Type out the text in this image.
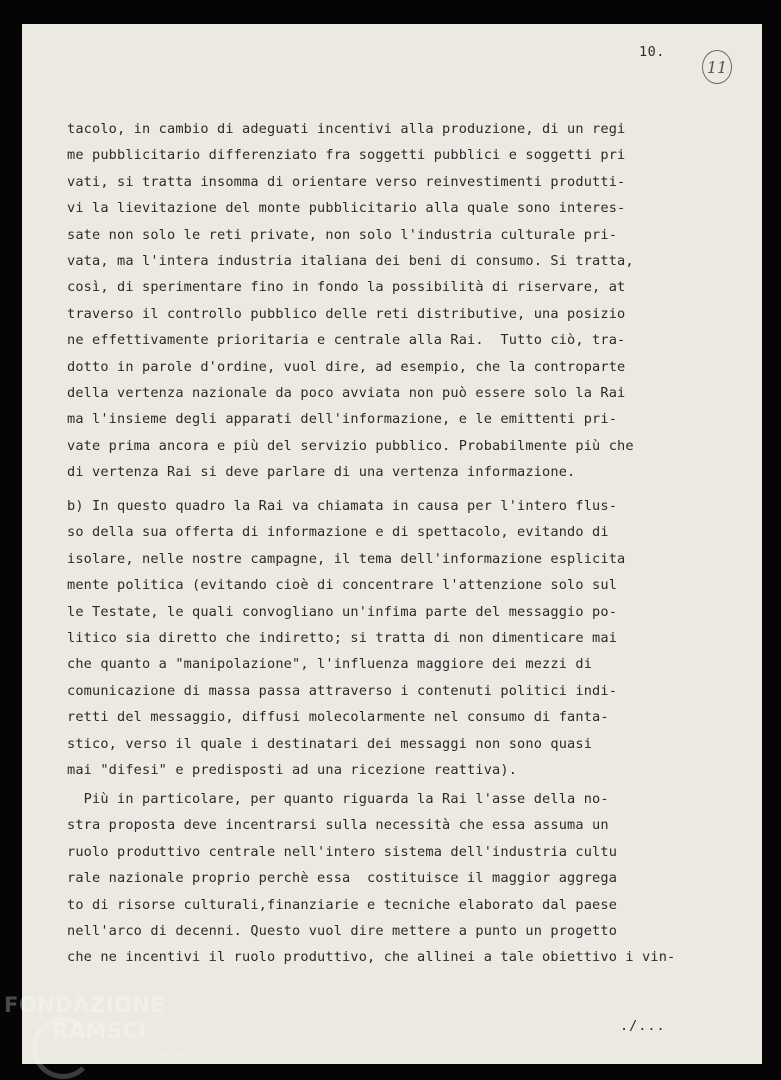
10.
11
tacolo, in cambio di adeguati incentivi alla produzione, di un regi
me pubblicitario differenziato fra soggetti pubblici e soggetti pri
vati, si tratta insomma di orientare verso reinvestimenti produtti-
vi la lievitazione del monte pubblicitario alla quale sono interes-
sate non solo le reti private, non solo l'industria culturale pri-
vata, ma l'intera industria italiana dei beni di consumo. Si tratta,
così, di sperimentare fino in fondo la possibilità di riservare, at
traverso il controllo pubblico delle reti distributive, una posizio
ne effettivamente prioritaria e centrale alla Rai.  Tutto ciò, tra-
dotto in parole d'ordine, vuol dire, ad esempio, che la controparte
della vertenza nazionale da poco avviata non può essere solo la Rai
ma l'insieme degli apparati dell'informazione, e le emittenti pri-
vate prima ancora e più del servizio pubblico. Probabilmente più che
di vertenza Rai si deve parlare di una vertenza informazione.
b) In questo quadro la Rai va chiamata in causa per l'intero flus-
so della sua offerta di informazione e di spettacolo, evitando di
isolare, nelle nostre campagne, il tema dell'informazione esplicita
mente politica (evitando cioè di concentrare l'attenzione solo sul
le Testate, le quali convogliano un'infima parte del messaggio po-
litico sia diretto che indiretto; si tratta di non dimenticare mai
che quanto a "manipolazione", l'influenza maggiore dei mezzi di
comunicazione di massa passa attraverso i contenuti politici indi-
retti del messaggio, diffusi molecolarmente nel consumo di fanta-
stico, verso il quale i destinatari dei messaggi non sono quasi
mai "difesi" e predisposti ad una ricezione reattiva).
Più in particolare, per quanto riguarda la Rai l'asse della no-
stra proposta deve incentrarsi sulla necessità che essa assuma un
ruolo produttivo centrale nell'intero sistema dell'industria cultu
rale nazionale proprio perchè essa  costituisce il maggior aggrega
to di risorse culturali,finanziarie e tecniche elaborato dal paese
nell'arco di decenni. Questo vuol dire mettere a punto un progetto
che ne incentivi il ruolo produttivo, che allinei a tale obiettivo i vin-
./...
FONDAZIONE
RAMSCI
onlus
